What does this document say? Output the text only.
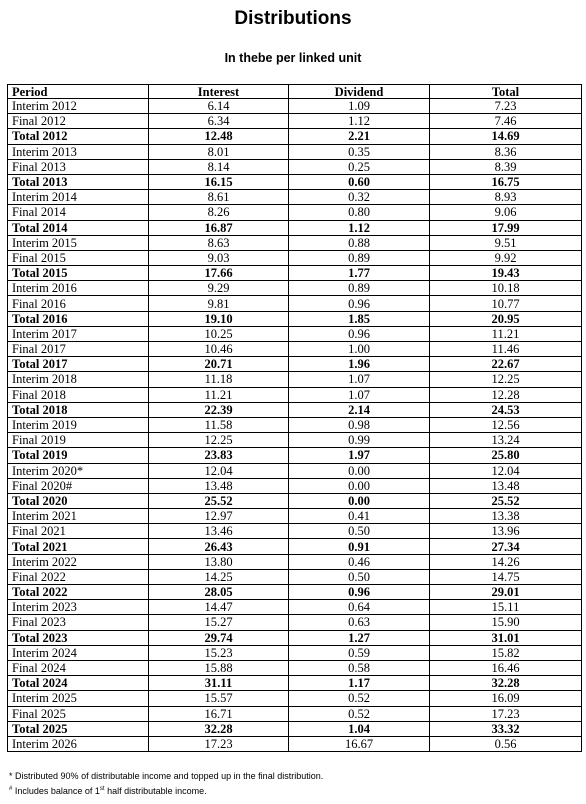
Distributions
In thebe per linked unit
Period	Interest	Dividend	Total
Interim 2012	6.14	1.09	7.23
Final 2012	6.34	1.12	7.46
Total 2012	12.48	2.21	14.69
Interim 2013	8.01	0.35	8.36
Final 2013	8.14	0.25	8.39
Total 2013	16.15	0.60	16.75
Interim 2014	8.61	0.32	8.93
Final 2014	8.26	0.80	9.06
Total 2014	16.87	1.12	17.99
Interim 2015	8.63	0.88	9.51
Final 2015	9.03	0.89	9.92
Total 2015	17.66	1.77	19.43
Interim 2016	9.29	0.89	10.18
Final 2016	9.81	0.96	10.77
Total 2016	19.10	1.85	20.95
Interim 2017	10.25	0.96	11.21
Final 2017	10.46	1.00	11.46
Total 2017	20.71	1.96	22.67
Interim 2018	11.18	1.07	12.25
Final 2018	11.21	1.07	12.28
Total 2018	22.39	2.14	24.53
Interim 2019	11.58	0.98	12.56
Final 2019	12.25	0.99	13.24
Total 2019	23.83	1.97	25.80
Interim 2020*	12.04	0.00	12.04
Final 2020#	13.48	0.00	13.48
Total 2020	25.52	0.00	25.52
Interim 2021	12.97	0.41	13.38
Final 2021	13.46	0.50	13.96
Total 2021	26.43	0.91	27.34
Interim 2022	13.80	0.46	14.26
Final 2022	14.25	0.50	14.75
Total 2022	28.05	0.96	29.01
Interim 2023	14.47	0.64	15.11
Final 2023	15.27	0.63	15.90
Total 2023	29.74	1.27	31.01
Interim 2024	15.23	0.59	15.82
Final 2024	15.88	0.58	16.46
Total 2024	31.11	1.17	32.28
Interim 2025	15.57	0.52	16.09
Final 2025	16.71	0.52	17.23
Total 2025	32.28	1.04	33.32
Interim 2026	17.23	16.67	0.56
* Distributed 90% of distributable income and topped up in the final distribution.
# Includes balance of 1st half distributable income.
